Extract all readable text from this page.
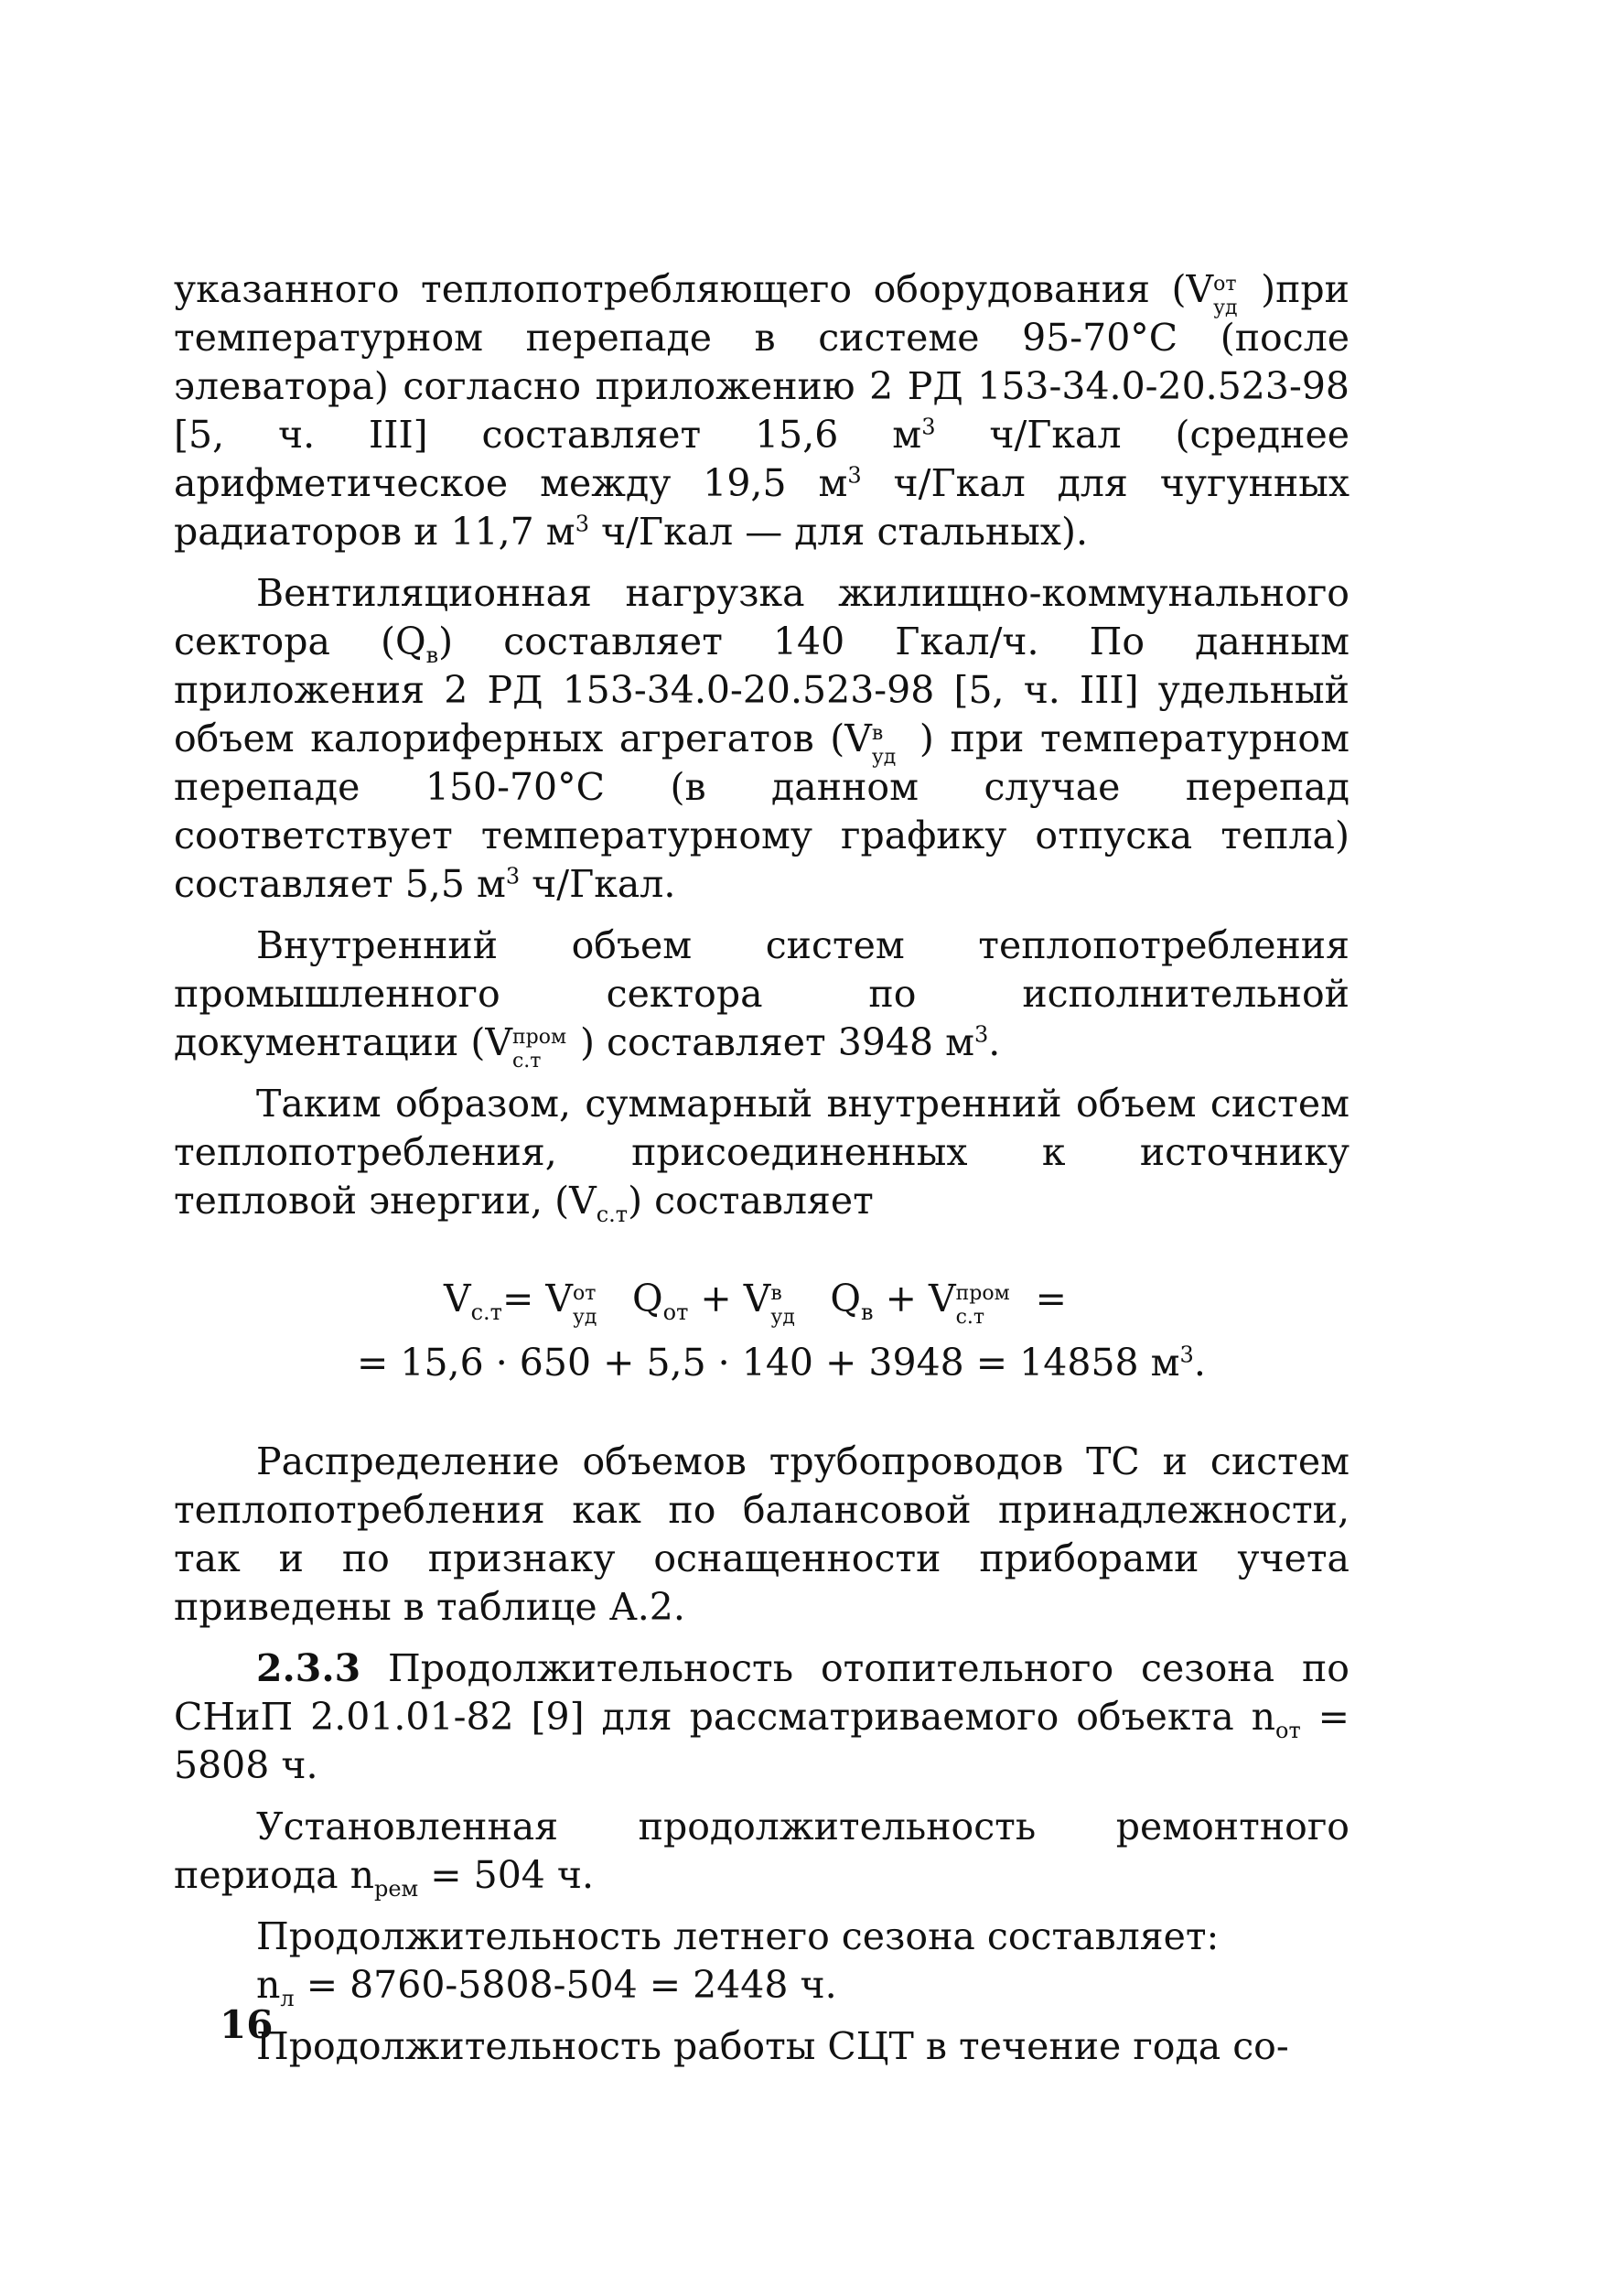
указанного теплопотребляющего оборудования (V от
уд )при температурном перепаде в системе 95-70°С (после элеватора) согласно приложению 2 РД 153-34.0-20.523-98 [5, ч. III] составляет 15,6 $м^3$ ч/Гкал (среднее арифметическое между 19,5 $м^3$ ч/Гкал для чугунных радиаторов и 11,7 $м^3$ ч/Гкал — для стальных).

Вентиляционная нагрузка жилищно-коммунального сектора $(Q_в)$ составляет 140 Гкал/ч. По данным приложения 2 РД 153-34.0-20.523-98 [5, ч. III] удельный объем калориферных агрегатов (V в
уд ) при температурном перепаде 150-70°С (в данном случае перепад соответствует температурному графику отпуска тепла) составляет 5,5 $м^3$ ч/Гкал.

Внутренний объем систем теплопотребления промышленного сектора по исполнительной документации (V пром
с.т ) составляет 3948 $м^3$.

Таким образом, суммарный внутренний объем систем теплопотребления, присоединенных к источнику тепловой энергии, $(V_{с.т})$ составляет

$V_{с.т}= V$ от
уд $Q_{от} + V$ в
уд $Q_в + V$ пром
с.т =

= 15,6 · 650 + 5,5 · 140 + 3948 = 14858 $м^3$.

Распределение объемов трубопроводов ТС и систем теплопотребления как по балансовой принадлежности, так и по признаку оснащенности приборами учета приведены в таблице А.2.

2.3.3 Продолжительность отопительного сезона по СНиП 2.01.01-82 [9] для рассматриваемого объекта $n_{от} = 5808$ ч.

Установленная продолжительность ремонтного периода $n_{рем} = 504$ ч.

Продолжительность летнего сезона составляет:

$n_л = 8760-5808-504 = 2448$ ч.

Продолжительность работы СЦТ в течение года со-

16
